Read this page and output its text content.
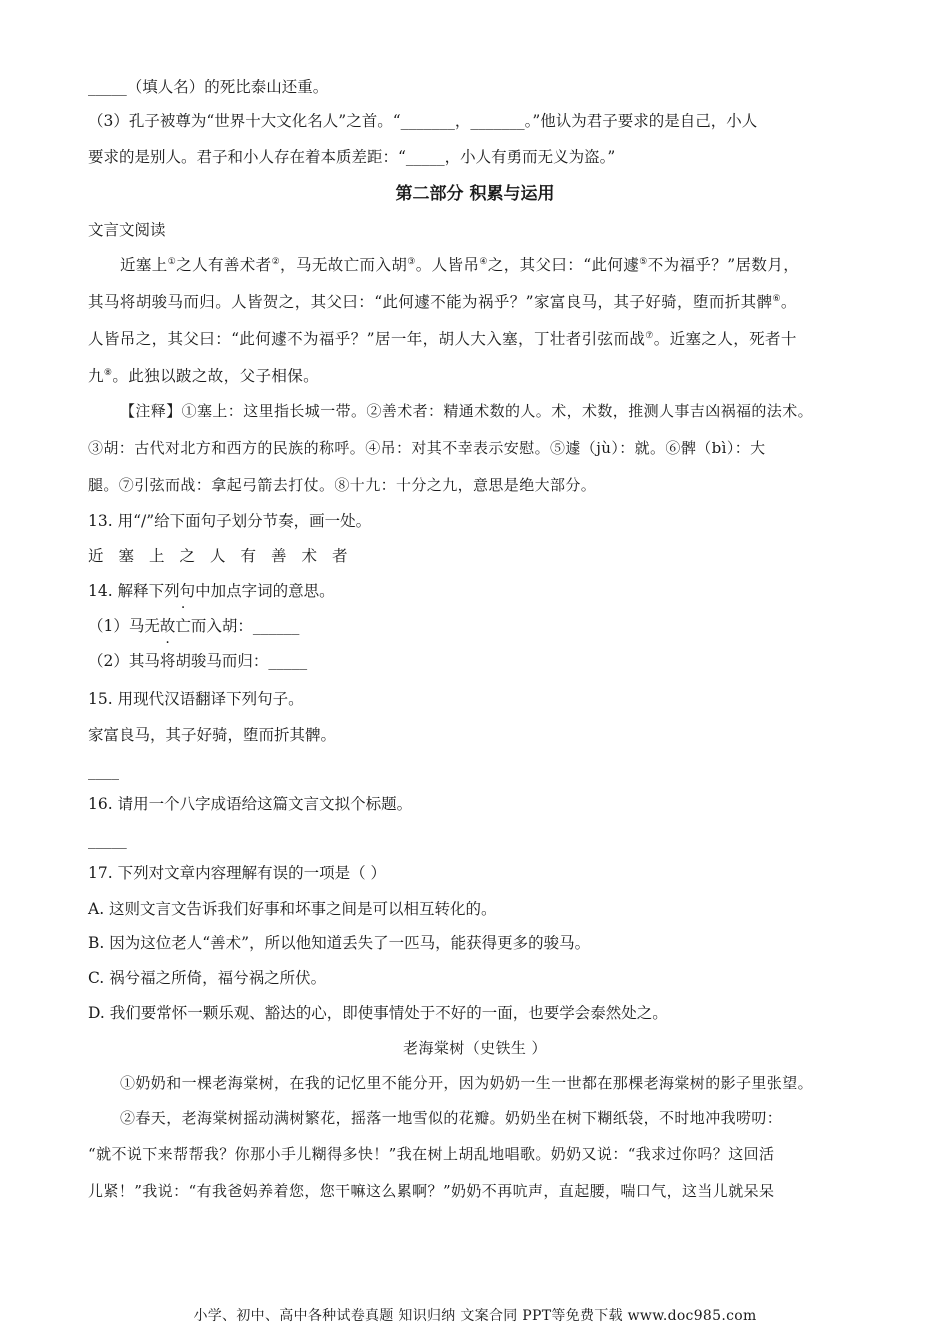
_____（填人名）的死比泰山还重。
（3）孔子被尊为“世界十大文化名人”之首。“_______，_______。”他认为君子要求的是自己，小人
要求的是别人。君子和小人存在着本质差距：“_____，小人有勇而无义为盗。”
第二部分 积累与运用
文言文阅读
近塞上①之人有善术者②，马无故亡而入胡③。人皆吊④之，其父曰：“此何遽⑤不为福乎？”居数月，
其马将胡骏马而归。人皆贺之，其父曰：“此何遽不能为祸乎？”家富良马，其子好骑，堕而折其髀⑥。
人皆吊之，其父曰：“此何遽不为福乎？”居一年，胡人大入塞，丁壮者引弦而战⑦。近塞之人，死者十
九⑧。此独以跛之故，父子相保。
【注释】①塞上：这里指长城一带。②善术者：精通术数的人。术，术数，推测人事吉凶祸福的法术。
③胡：古代对北方和西方的民族的称呼。④吊：对其不幸表示安慰。⑤遽（jù）：就。⑥髀（bì）：大
腿。⑦引弦而战：拿起弓箭去打仗。⑧十九：十分之九，意思是绝大部分。
13. 用“/”给下面句子划分节奏，画一处。
近塞上之人有善术者
14. 解释下列句中加点字词的意思。
（1）马无故亡而入胡：______
（2）其马将胡骏马而归：_____
15. 用现代汉语翻译下列句子。
家富良马，其子好骑，堕而折其髀。
____
16. 请用一个八字成语给这篇文言文拟个标题。
_____
17. 下列对文章内容理解有误的一项是（ ）
A. 这则文言文告诉我们好事和坏事之间是可以相互转化的。
B. 因为这位老人“善术”，所以他知道丢失了一匹马，能获得更多的骏马。
C. 祸兮福之所倚，福兮祸之所伏。
D. 我们要常怀一颗乐观、豁达的心，即使事情处于不好的一面，也要学会泰然处之。
老海棠树（史铁生 ）
①奶奶和一棵老海棠树，在我的记忆里不能分开，因为奶奶一生一世都在那棵老海棠树的影子里张望。
②春天，老海棠树摇动满树繁花，摇落一地雪似的花瓣。奶奶坐在树下糊纸袋，不时地冲我唠叨：
“就不说下来帮帮我？你那小手儿糊得多快！”我在树上胡乱地唱歌。奶奶又说：“我求过你吗？这回活
儿紧！”我说：“有我爸妈养着您，您干嘛这么累啊？”奶奶不再吭声，直起腰，喘口气，这当儿就呆呆
小学、初中、高中各种试卷真题 知识归纳 文案合同 PPT等免费下载 www.doc985.com
